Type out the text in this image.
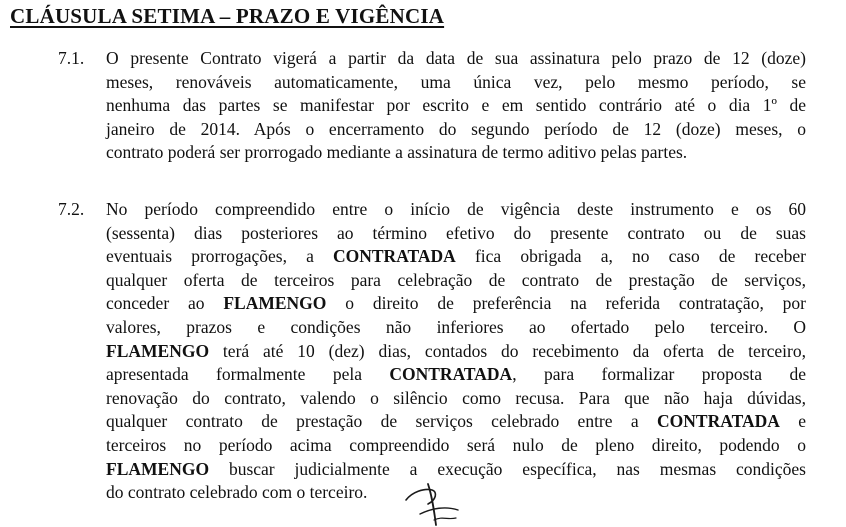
CLÁUSULA SETIMA – PRAZO E VIGÊNCIA
7.1. O presente Contrato vigerá a partir da data de sua assinatura pelo prazo de 12 (doze)
meses, renováveis automaticamente, uma única vez, pelo mesmo período, se
nenhuma das partes se manifestar por escrito e em sentido contrário até o dia 1º de
janeiro de 2014. Após o encerramento do segundo período de 12 (doze) meses, o
contrato poderá ser prorrogado mediante a assinatura de termo aditivo pelas partes.
7.2. No período compreendido entre o início de vigência deste instrumento e os 60
(sessenta) dias posteriores ao término efetivo do presente contrato ou de suas
eventuais prorrogações, a CONTRATADA fica obrigada a, no caso de receber
qualquer oferta de terceiros para celebração de contrato de prestação de serviços,
conceder ao FLAMENGO o direito de preferência na referida contratação, por
valores, prazos e condições não inferiores ao ofertado pelo terceiro. O
FLAMENGO terá até 10 (dez) dias, contados do recebimento da oferta de terceiro,
apresentada formalmente pela CONTRATADA, para formalizar proposta de
renovação do contrato, valendo o silêncio como recusa. Para que não haja dúvidas,
qualquer contrato de prestação de serviços celebrado entre a CONTRATADA e
terceiros no período acima compreendido será nulo de pleno direito, podendo o
FLAMENGO buscar judicialmente a execução específica, nas mesmas condições
do contrato celebrado com o terceiro.
